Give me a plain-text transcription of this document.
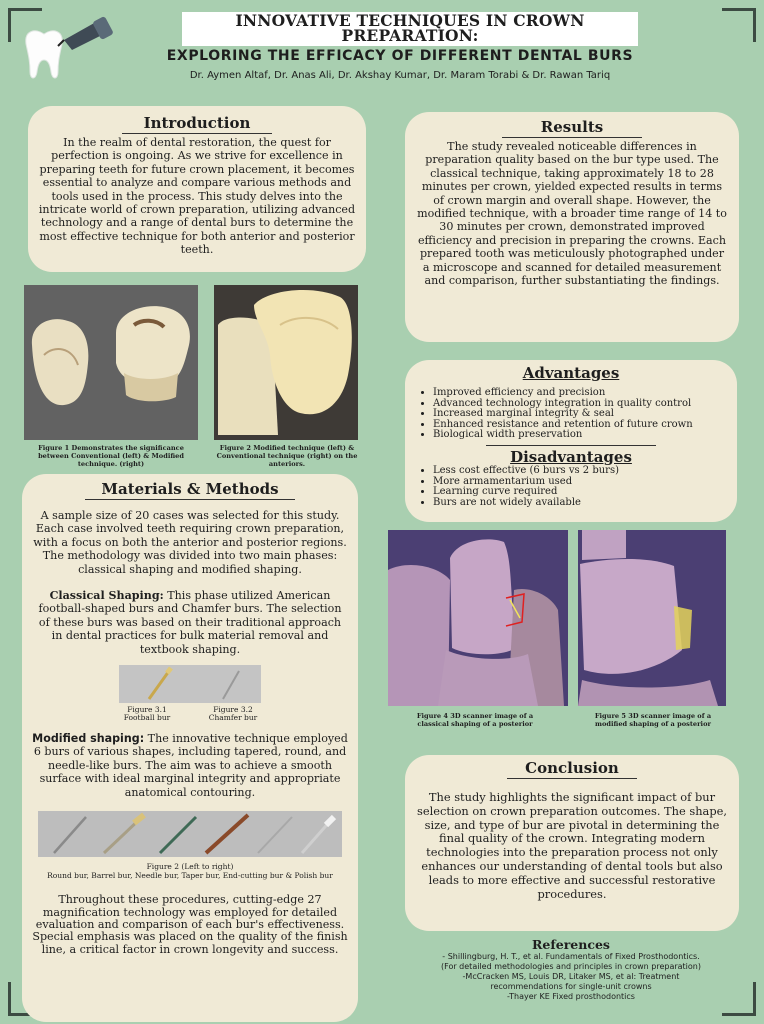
INNOVATIVE TECHNIQUES IN CROWN
PREPARATION:
EXPLORING THE EFFICACY OF DIFFERENT DENTAL BURS
Dr. Aymen Altaf, Dr. Anas Ali, Dr. Akshay Kumar, Dr. Maram Torabi & Dr. Rawan Tariq
Introduction

In the realm of dental restoration, the quest for perfection is ongoing. As we strive for excellence in preparing teeth for future crown placement, it becomes essential to analyze and compare various methods and tools used in the process. This study delves into the intricate world of crown preparation, utilizing advanced technology and a range of dental burs to determine the most effective technique for both anterior and posterior teeth.

Figure 1 Demonstrates the significance between Conventional (left) & Modified technique. (right)
Figure 2 Modified technique (left) & Conventional technique (right) on the anteriors.
Materials & Methods

A sample size of 20 cases was selected for this study. Each case involved teeth requiring crown preparation, with a focus on both the anterior and posterior regions. The methodology was divided into two main phases: classical shaping and modified shaping.

Classical Shaping: This phase utilized American football-shaped burs and Chamfer burs. The selection of these burs was based on their traditional approach in dental practices for bulk material removal and textbook shaping.

Figure 3.1 Football bur
Figure 3.2 Chamfer bur

Modified shaping: The innovative technique employed 6 burs of various shapes, including tapered, round, and needle-like burs. The aim was to achieve a smooth surface with ideal marginal integrity and appropriate anatomical contouring.

Figure 2 (Left to right)
Round bur, Barrel bur, Needle bur, Taper bur, End-cutting bur & Polish bur

Throughout these procedures, cutting-edge 27 magnification technology was employed for detailed evaluation and comparison of each bur's effectiveness. Special emphasis was placed on the quality of the finish line, a critical factor in crown longevity and success.

Results

The study revealed noticeable differences in preparation quality based on the bur type used. The classical technique, taking approximately 18 to 28 minutes per crown, yielded expected results in terms of crown margin and overall shape. However, the modified technique, with a broader time range of 14 to 30 minutes per crown, demonstrated improved efficiency and precision in preparing the crowns. Each prepared tooth was meticulously photographed under a microscope and scanned for detailed measurement and comparison, further substantiating the findings.

Advantages
• Improved efficiency and precision
• Advanced technology integration in quality control
• Increased marginal integrity & seal
• Enhanced resistance and retention of future crown
• Biological width preservation
Disadvantages
• Less cost effective (6 burs vs 2 burs)
• More armamentarium used
• Learning curve required
• Burs are not widely available
Figure 4 3D scanner image of a classical shaping of a posterior
Figure 5 3D scanner image of a modified shaping of a posterior
Conclusion

The study highlights the significant impact of bur selection on crown preparation outcomes. The shape, size, and type of bur are pivotal in determining the final quality of the crown. Integrating modern technologies into the preparation process not only enhances our understanding of dental tools but also leads to more effective and successful restorative procedures.

References

- Shillingburg, H. T., et al. Fundamentals of Fixed Prosthodontics. (For detailed methodologies and principles in crown preparation)

-McCracken MS, Louis DR, Litaker MS, et al: Treatment recommendations for single-unit crowns

-Thayer KE Fixed prosthodontics
